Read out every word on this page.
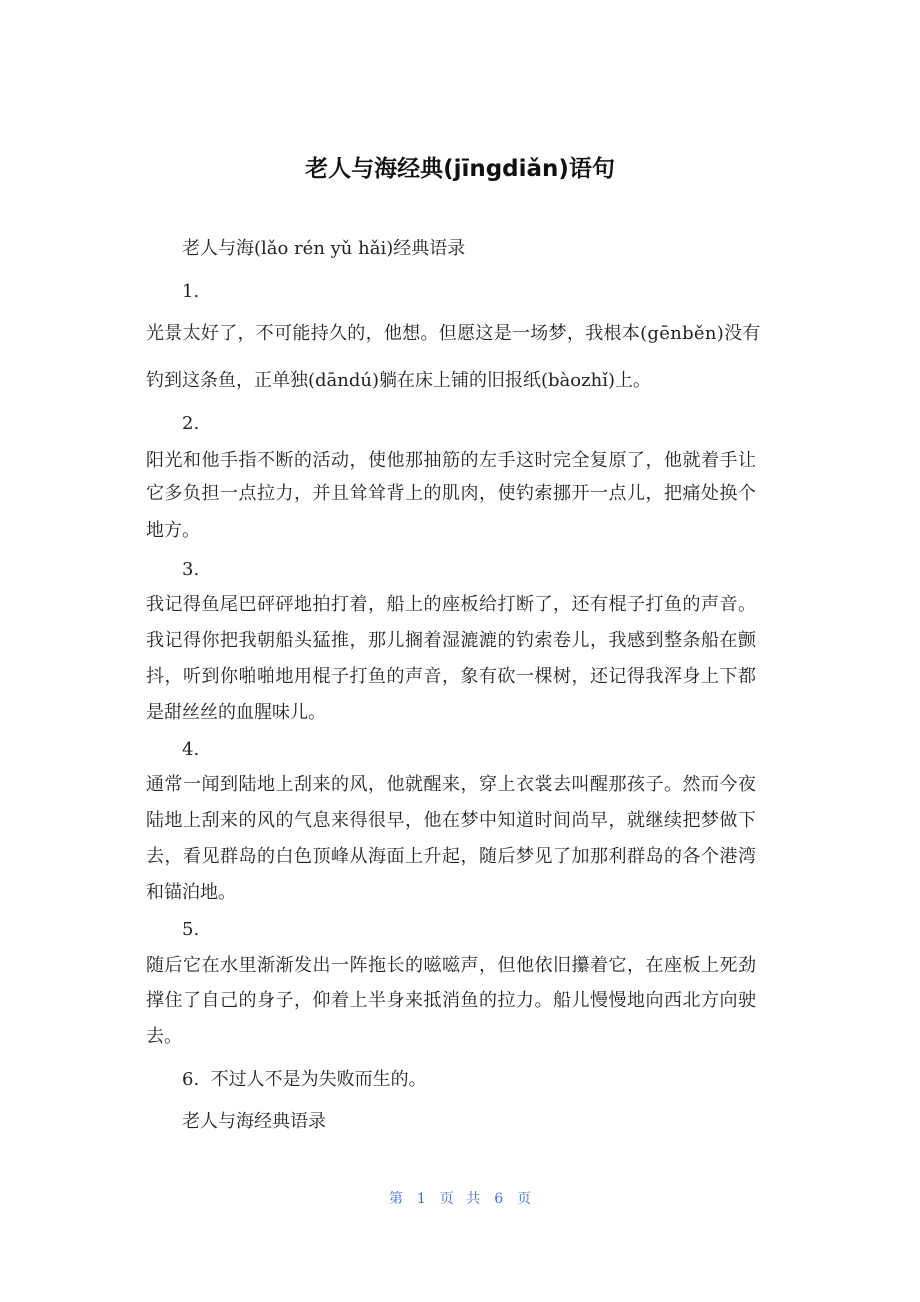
老人与海经典(jīngdiǎn)语句
老人与海(lǎo rén yǔ hǎi)经典语录
1.
光景太好了，不可能持久的，他想。但愿这是一场梦，我根本(gēnběn)没有
钓到这条鱼，正单独(dāndú)躺在床上铺的旧报纸(bàozhǐ)上。
2.
阳光和他手指不断的活动，使他那抽筋的左手这时完全复原了，他就着手让
它多负担一点拉力，并且耸耸背上的肌肉，使钓索挪开一点儿，把痛处换个
地方。
3.
我记得鱼尾巴砰砰地拍打着，船上的座板给打断了，还有棍子打鱼的声音。
我记得你把我朝船头猛推，那儿搁着湿漉漉的钓索卷儿，我感到整条船在颤
抖，听到你啪啪地用棍子打鱼的声音，象有砍一棵树，还记得我浑身上下都
是甜丝丝的血腥味儿。
4.
通常一闻到陆地上刮来的风，他就醒来，穿上衣裳去叫醒那孩子。然而今夜
陆地上刮来的风的气息来得很早，他在梦中知道时间尚早，就继续把梦做下
去，看见群岛的白色顶峰从海面上升起，随后梦见了加那利群岛的各个港湾
和锚泊地。
5.
随后它在水里渐渐发出一阵拖长的嗞嗞声，但他依旧攥着它，在座板上死劲
撑住了自己的身子，仰着上半身来抵消鱼的拉力。船儿慢慢地向西北方向驶
去。
6.  不过人不是为失败而生的。
老人与海经典语录
第 1 页 共 6 页
